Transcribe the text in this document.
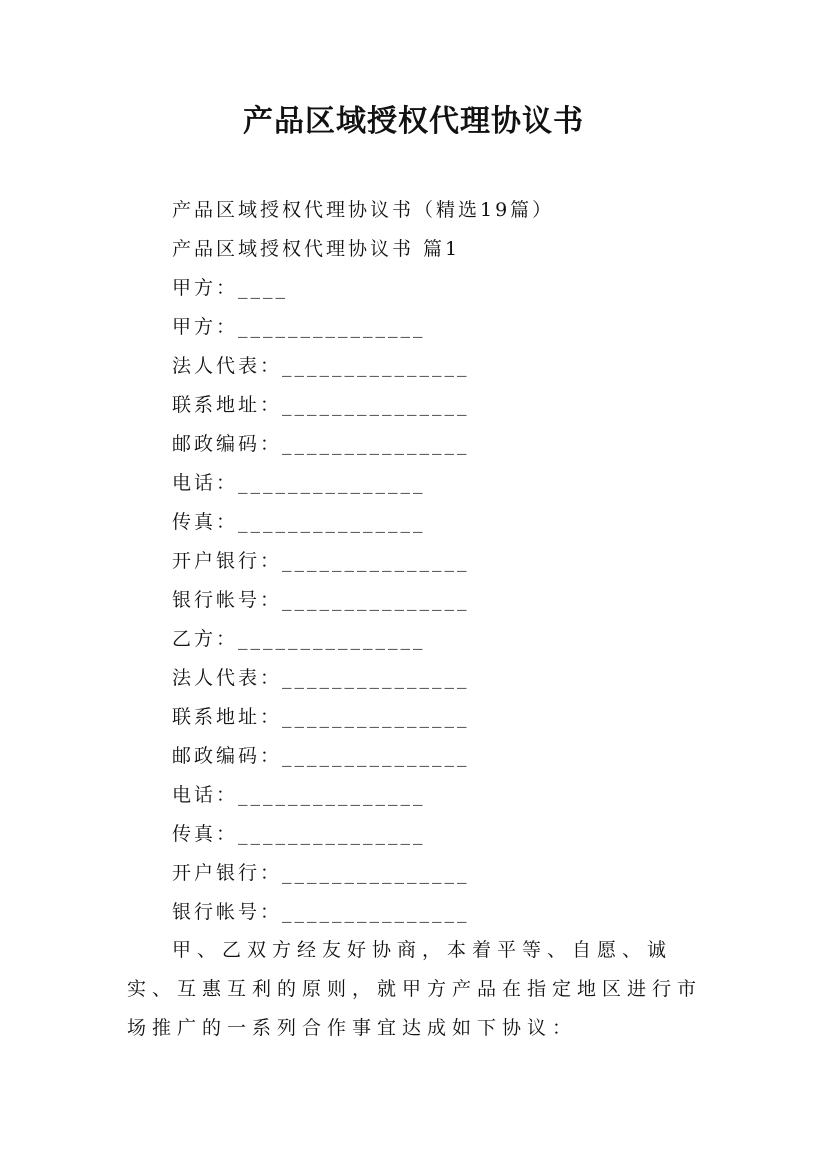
产品区域授权代理协议书
产品区域授权代理协议书（精选19篇）
产品区域授权代理协议书 篇1
甲方：____
甲方：_______________
法人代表：_______________
联系地址：_______________
邮政编码：_______________
电话：_______________
传真：_______________
开户银行：_______________
银行帐号：_______________
乙方：_______________
法人代表：_______________
联系地址：_______________
邮政编码：_______________
电话：_______________
传真：_______________
开户银行：_______________
银行帐号：_______________
甲、乙双方经友好协商，本着平等、自愿、诚实、互惠互利的原则，就甲方产品在指定地区进行市场推广的一系列合作事宜达成如下协议：
